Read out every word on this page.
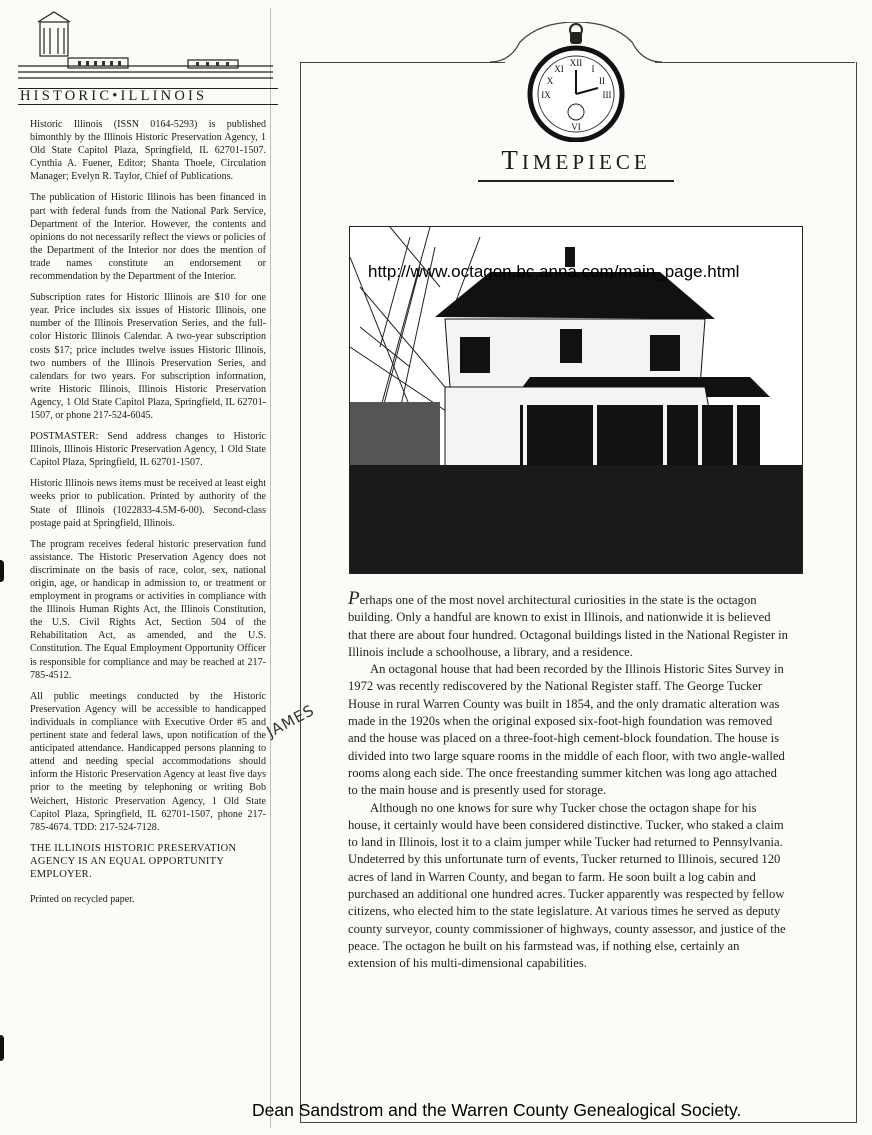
HISTORIC•ILLINOIS

Historic Illinois (ISSN 0164-5293) is published bimonthly by the Illinois Historic Preservation Agency, 1 Old State Capitol Plaza, Springfield, IL 62701-1507. Cynthia A. Fuener, Editor; Shanta Thoele, Circulation Manager; Evelyn R. Taylor, Chief of Publications.

The publication of Historic Illinois has been financed in part with federal funds from the National Park Service, Department of the Interior. However, the contents and opinions do not necessarily reflect the views or policies of the Department of the Interior nor does the mention of trade names constitute an endorsement or recommendation by the Department of the Interior.

Subscription rates for Historic Illinois are $10 for one year. Price includes six issues of Historic Illinois, one number of the Illinois Preservation Series, and the full-color Historic Illinois Calendar. A two-year subscription costs $17; price includes twelve issues Historic Illinois, two numbers of the Illinois Preservation Series, and calendars for two years. For subscription information, write Historic Illinois, Illinois Historic Preservation Agency, 1 Old State Capitol Plaza, Springfield, IL 62701-1507, or phone 217-524-6045.

POSTMASTER: Send address changes to Historic Illinois, Illinois Historic Preservation Agency, 1 Old State Capitol Plaza, Springfield, IL 62701-1507.

Historic Illinois news items must be received at least eight weeks prior to publication. Printed by authority of the State of Illinois (1022833-4.5M-6-00). Second-class postage paid at Springfield, Illinois.

The program receives federal historic preservation fund assistance. The Historic Preservation Agency does not discriminate on the basis of race, color, sex, national origin, age, or handicap in admission to, or treatment or employment in programs or activities in compliance with the Illinois Human Rights Act, the Illinois Constitution, the U.S. Civil Rights Act, Section 504 of the Rehabilitation Act, as amended, and the U.S. Constitution. The Equal Employment Opportunity Officer is responsible for compliance and may be reached at 217-785-4512.

All public meetings conducted by the Historic Preservation Agency will be accessible to handicapped individuals in compliance with Executive Order #5 and pertinent state and federal laws, upon notification of the anticipated attendance. Handicapped persons planning to attend and needing special accommodations should inform the Historic Preservation Agency at least five days prior to the meeting by telephoning or writing Bob Weichert, Historic Preservation Agency, 1 Old State Capitol Plaza, Springfield, IL 62701-1507, phone 217-785-4674. TDD: 217-524-7128.

THE ILLINOIS HISTORIC PRESERVATION AGENCY IS AN EQUAL OPPORTUNITY EMPLOYER.

Printed on recycled paper.

XII
III
VI
IX
I
II
XI
X
TIMEPIECE
http://www.octagon.bc.anna.com/main_page.html

Perhaps one of the most novel architectural curiosities in the state is the octagon building. Only a handful are known to exist in Illinois, and nationwide it is believed that there are about four hundred. Octagonal buildings listed in the National Register in Illinois include a schoolhouse, a library, and a residence.

An octagonal house that had been recorded by the Illinois Historic Sites Survey in 1972 was recently rediscovered by the National Register staff. The George Tucker House in rural Warren County was built in 1854, and the only dramatic alteration was made in the 1920s when the original exposed six-foot-high foundation was removed and the house was placed on a three-foot-high cement-block foundation. The house is divided into two large square rooms in the middle of each floor, with two angle-walled rooms along each side. The once freestanding summer kitchen was long ago attached to the main house and is presently used for storage.

Although no one knows for sure why Tucker chose the octagon shape for his house, it certainly would have been considered distinctive. Tucker, who staked a claim to land in Illinois, lost it to a claim jumper while Tucker had returned to Pennsylvania. Undeterred by this unfortunate turn of events, Tucker returned to Illinois, secured 120 acres of land in Warren County, and began to farm. He soon built a log cabin and purchased an additional one hundred acres. Tucker apparently was respected by fellow citizens, who elected him to the state legislature. At various times he served as deputy county surveyor, county commissioner of highways, county assessor, and justice of the peace. The octagon he built on his farmstead was, if nothing else, certainly an extension of his multi-dimensional capabilities.

JAMES
Dean Sandstrom and the Warren County Genealogical Society.
